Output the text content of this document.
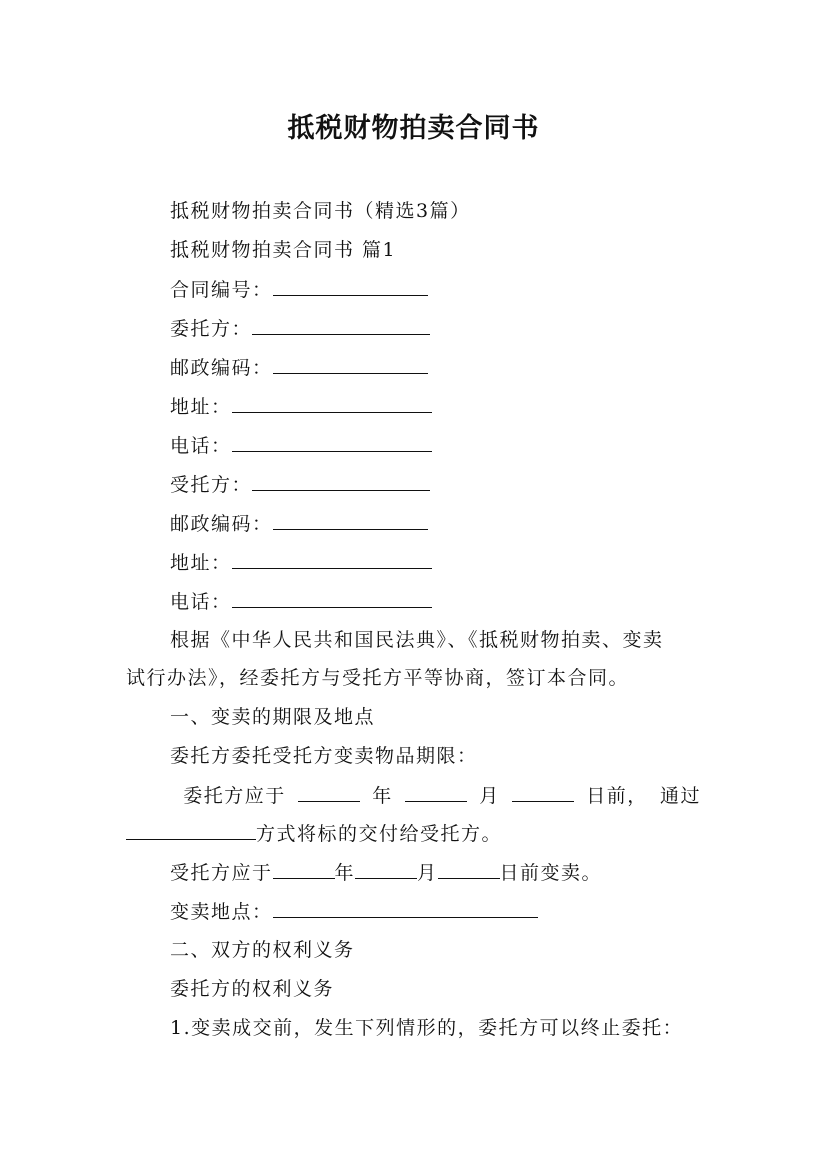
抵税财物拍卖合同书
抵税财物拍卖合同书（精选3篇）
抵税财物拍卖合同书 篇1
合同编号：
委托方：
邮政编码：
地址：
电话：
受托方：
邮政编码：
地址：
电话：
根据《中华人民共和国民法典》、《抵税财物拍卖、变卖
试行办法》，经委托方与受托方平等协商，签订本合同。
一、变卖的期限及地点
委托方委托受托方变卖物品期限：
委托方应于	年	月	日前， 通过
方式将标的交付给受托方。
受托方应于	年	月	日前变卖。
变卖地点：
二、双方的权利义务
委托方的权利义务
1.变卖成交前，发生下列情形的，委托方可以终止委托：
